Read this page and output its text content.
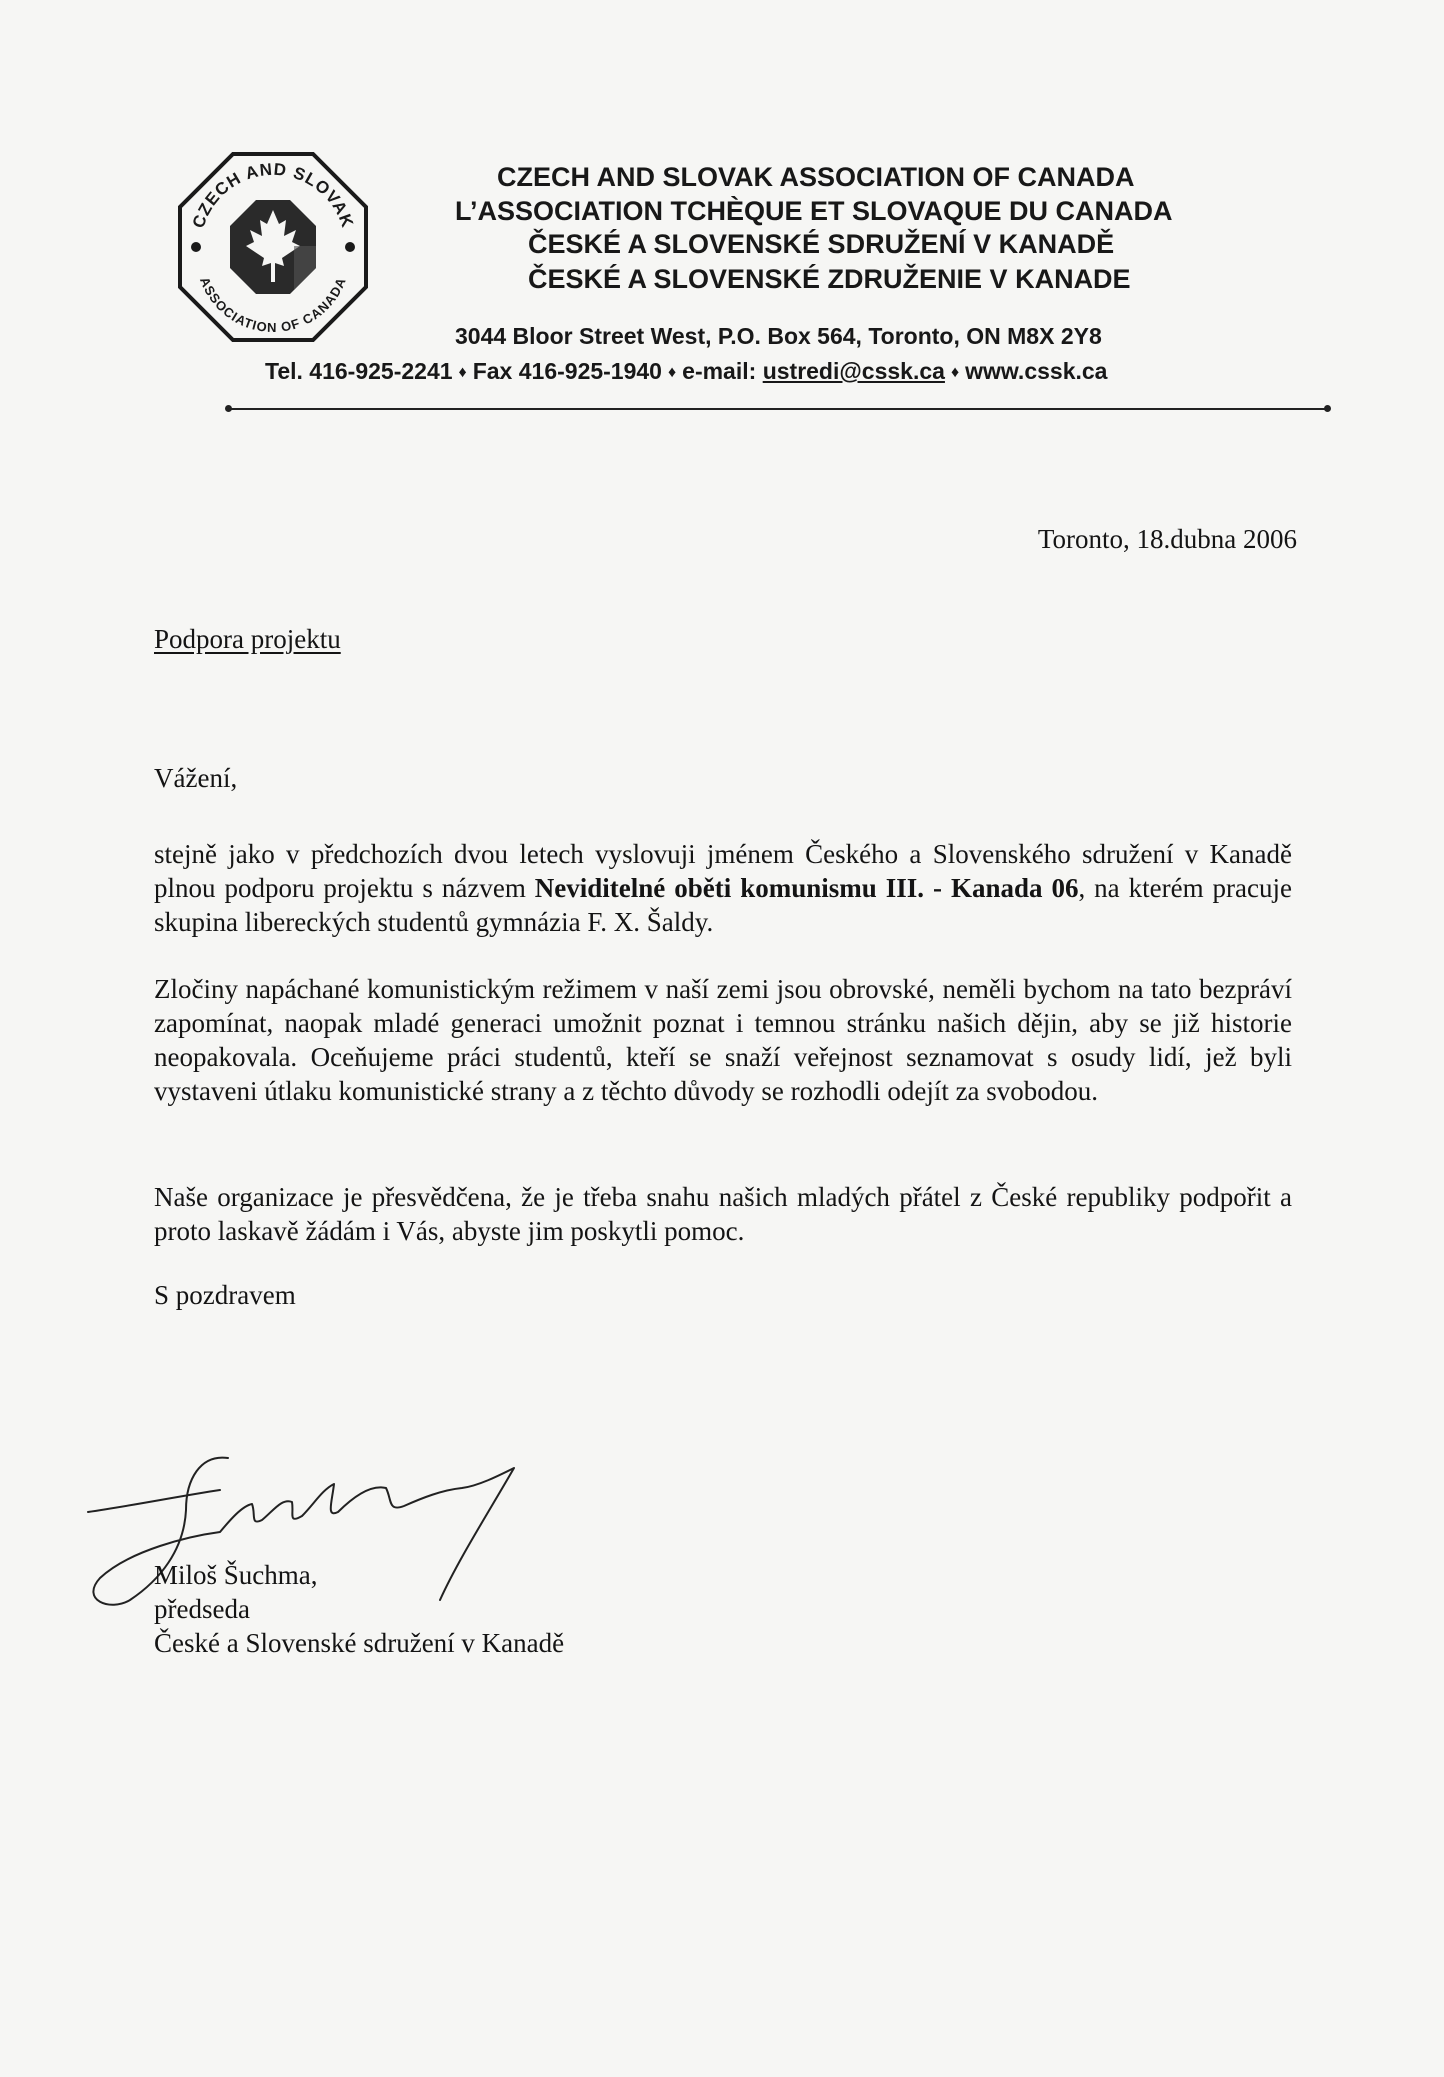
CZECH AND SLOVAK
ASSOCIATION OF CANADA

CZECH AND SLOVAK ASSOCIATION OF CANADA

L’ASSOCIATION TCHÈQUE ET SLOVAQUE DU CANADA

ČESKÉ A SLOVENSKÉ SDRUŽENÍ V KANADĚ

ČESKÉ A SLOVENSKÉ ZDRUŽENIE V KANADE

3044 Bloor Street West, P.O. Box 564, Toronto, ON M8X 2Y8

Tel. 416-925-2241 ♦ Fax 416-925-1940 ♦ e-mail: ustredi@cssk.ca ♦ www.cssk.ca

Toronto, 18.dubna 2006

Podpora projektu

Vážení,

stejně jako v předchozích dvou letech vyslovuji jménem Českého a Slovenského sdružení v Kanadě plnou podporu projektu s názvem Neviditelné oběti komunismu III. - Kanada 06, na kterém pracuje skupina libereckých studentů gymnázia F. X. Šaldy.

Zločiny napáchané komunistickým režimem v naší zemi jsou obrovské, neměli bychom na tato bezpráví zapomínat, naopak mladé generaci umožnit poznat i temnou stránku našich dějin, aby se již historie neopakovala. Oceňujeme práci studentů, kteří se snaží veřejnost seznamovat s osudy lidí, jež byli vystaveni útlaku komunistické strany a z těchto důvody se rozhodli odejít za svobodou.

Naše organizace je přesvědčena, že je třeba snahu našich mladých přátel z České republiky podpořit a proto laskavě žádám i Vás, abyste jim poskytli pomoc.

S pozdravem

Miloš Šuchma,
předseda
České a Slovenské sdružení v Kanadě
